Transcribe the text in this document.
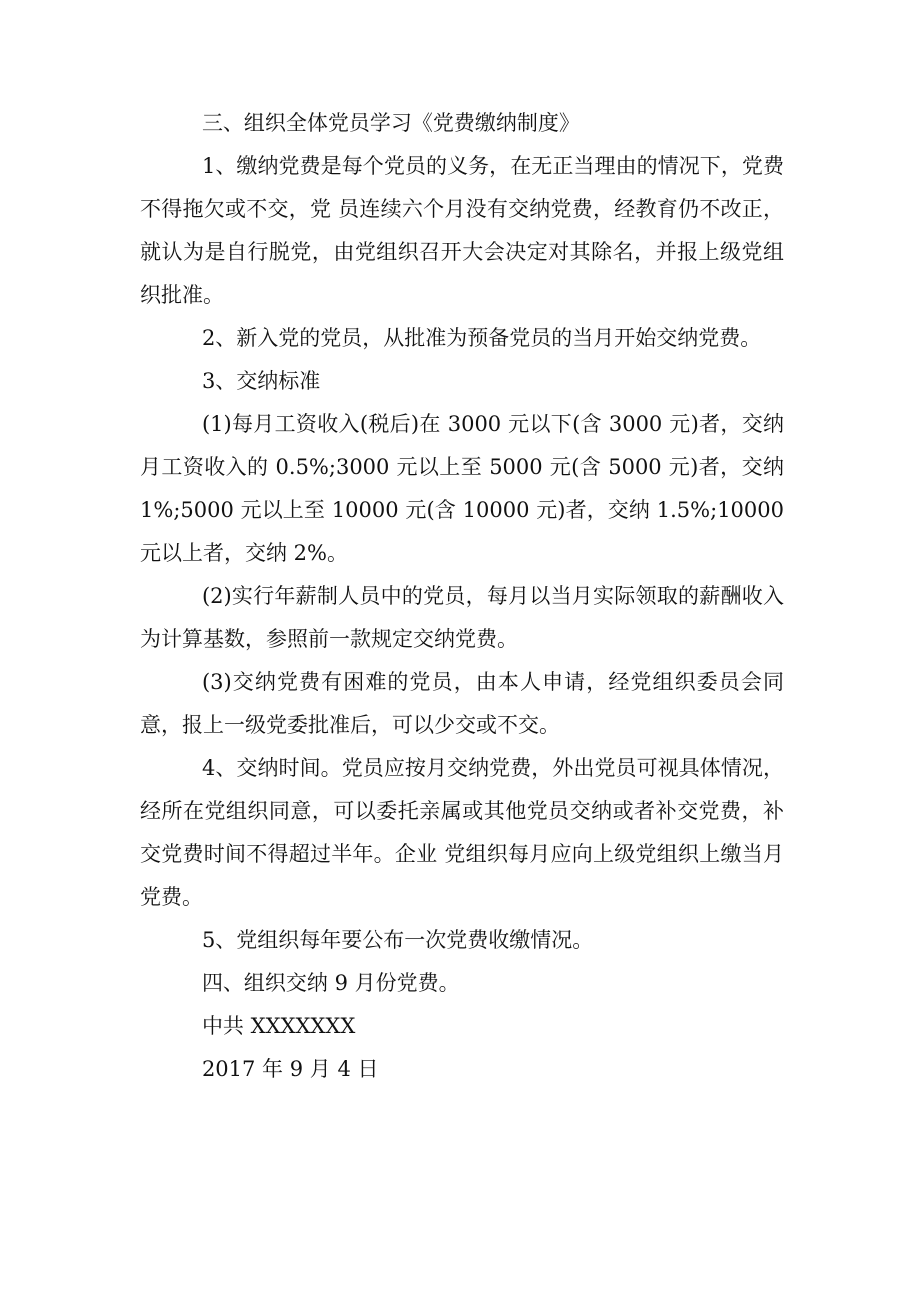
三、组织全体党员学习《党费缴纳制度》

1、缴纳党费是每个党员的义务，在无正当理由的情况下，党费不得拖欠或不交，党 员连续六个月没有交纳党费，经教育仍不改正，就认为是自行脱党，由党组织召开大会决定对其除名，并报上级党组织批准。

2、新入党的党员，从批准为预备党员的当月开始交纳党费。

3、交纳标准

(1)每月工资收入(税后)在 3000 元以下(含 3000 元)者，交纳月工资收入的 0.5%;3000 元以上至 5000 元(含 5000 元)者，交纳 1%;5000 元以上至 10000 元(含 10000 元)者，交纳 1.5%;10000 元以上者，交纳 2%。

(2)实行年薪制人员中的党员，每月以当月实际领取的薪酬收入为计算基数，参照前一款规定交纳党费。

(3)交纳党费有困难的党员，由本人申请，经党组织委员会同意，报上一级党委批准后，可以少交或不交。

4、交纳时间。党员应按月交纳党费，外出党员可视具体情况，经所在党组织同意，可以委托亲属或其他党员交纳或者补交党费，补交党费时间不得超过半年。企业 党组织每月应向上级党组织上缴当月党费。

5、党组织每年要公布一次党费收缴情况。

四、组织交纳 9 月份党费。

中共 XXXXXXX

2017 年 9 月 4 日
